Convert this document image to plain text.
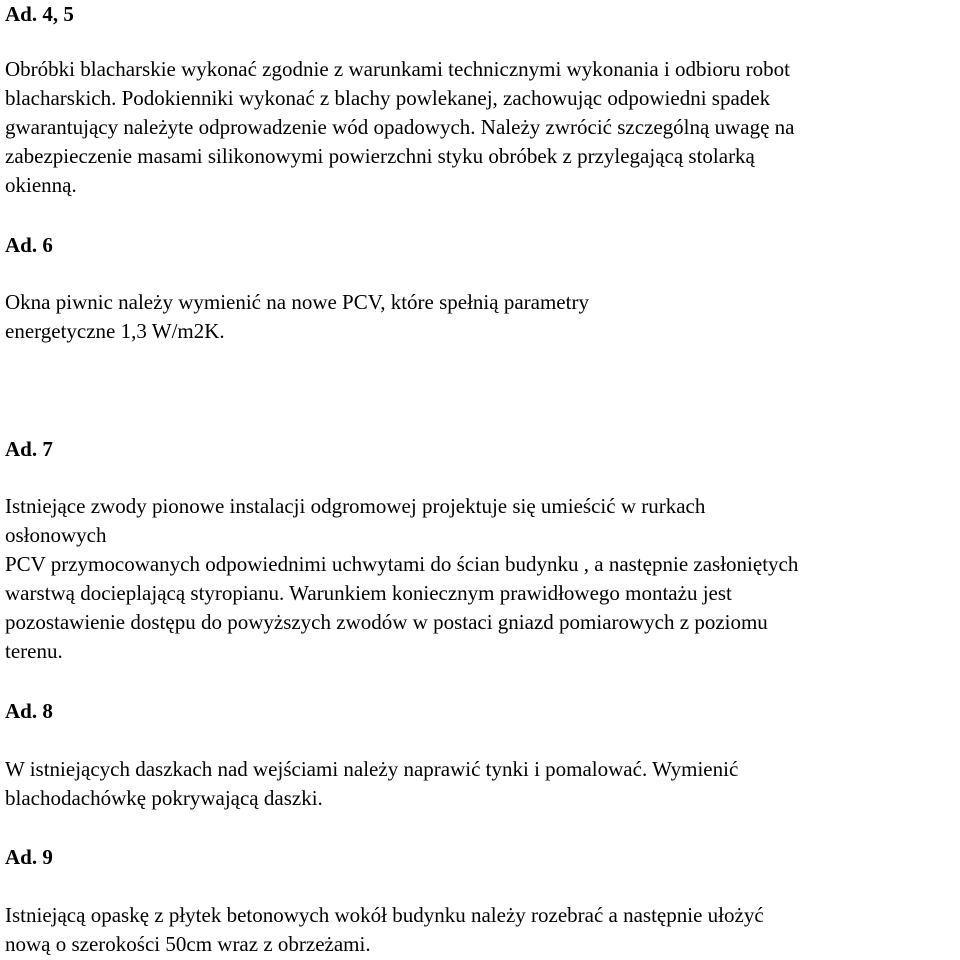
Ad. 4, 5

Obróbki blacharskie wykonać zgodnie z warunkami technicznymi wykonania i odbioru robot
blacharskich. Podokienniki wykonać z blachy powlekanej, zachowując odpowiedni spadek
gwarantujący należyte odprowadzenie wód opadowych. Należy zwrócić szczególną uwagę na
zabezpieczenie masami silikonowymi powierzchni styku obróbek z przylegającą stolarką
okienną.

Ad. 6

Okna piwnic należy wymienić na nowe PCV, które spełnią parametry
energetyczne 1,3 W/m2K.

Ad. 7

Istniejące zwody pionowe instalacji odgromowej projektuje się umieścić w rurkach
osłonowych
PCV przymocowanych odpowiednimi uchwytami do ścian budynku , a następnie zasłoniętych
warstwą docieplającą styropianu. Warunkiem koniecznym prawidłowego montażu jest
pozostawienie dostępu do powyższych zwodów w postaci gniazd pomiarowych z poziomu
terenu.

Ad. 8

W istniejących daszkach nad wejściami należy naprawić tynki i pomalować. Wymienić
blachodachówkę pokrywającą daszki.

Ad. 9

Istniejącą opaskę z płytek betonowych wokół budynku należy rozebrać a następnie ułożyć
nową o szerokości 50cm wraz z obrzeżami.
